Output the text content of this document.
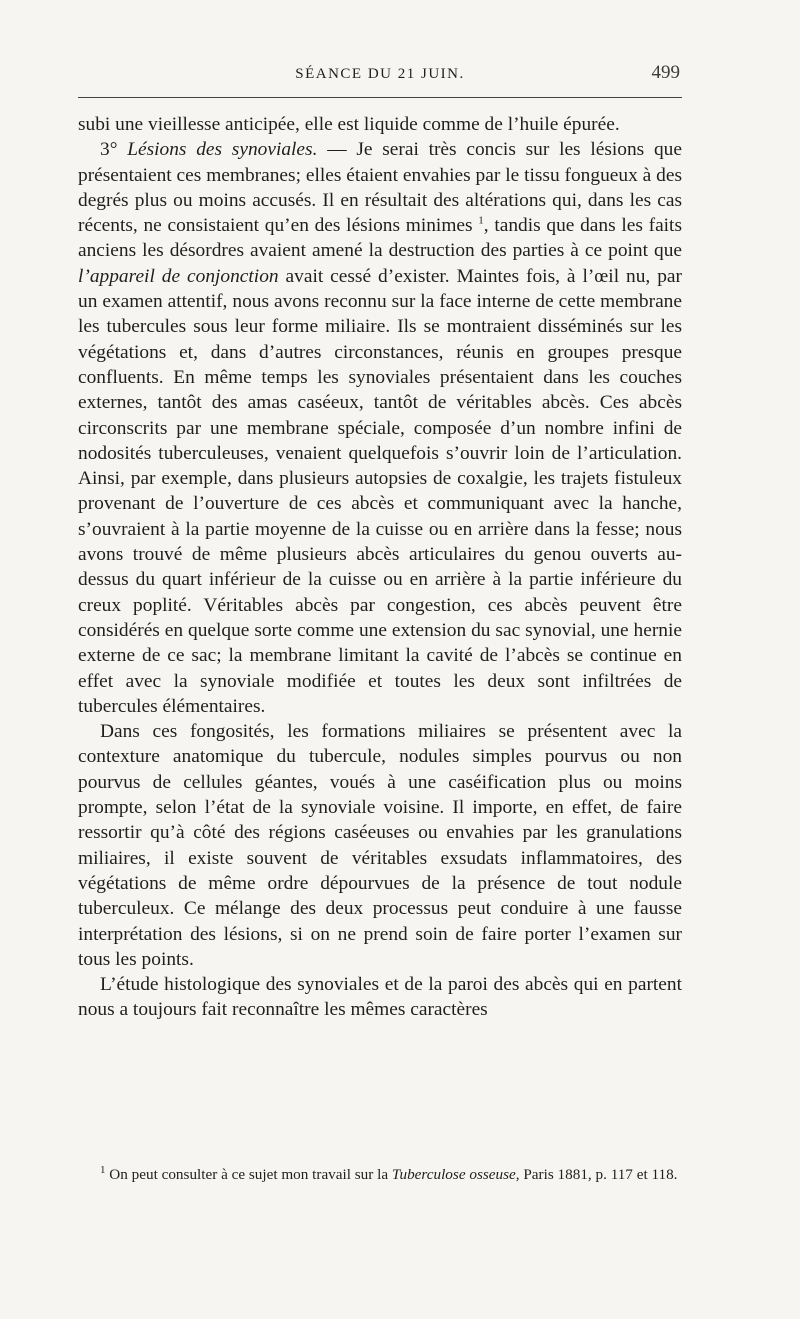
SÉANCE DU 21 JUIN.	499

subi une vieillesse anticipée, elle est liquide comme de l’huile épurée.

3° Lésions des synoviales. — Je serai très concis sur les lésions que présentaient ces membranes; elles étaient envahies par le tissu fongueux à des degrés plus ou moins accusés. Il en résultait des altérations qui, dans les cas récents, ne consistaient qu’en des lésions minimes $^1$, tandis que dans les faits anciens les désordres avaient amené la destruction des parties à ce point que l’appareil de conjonction avait cessé d’exister. Maintes fois, à l’œil nu, par un examen attentif, nous avons reconnu sur la face interne de cette membrane les tubercules sous leur forme miliaire. Ils se montraient disséminés sur les végétations et, dans d’autres circonstances, réunis en groupes presque confluents. En même temps les synoviales présentaient dans les couches externes, tantôt des amas caséeux, tantôt de véritables abcès. Ces abcès circonscrits par une membrane spéciale, composée d’un nombre infini de nodosités tuberculeuses, venaient quelquefois s’ouvrir loin de l’articulation. Ainsi, par exemple, dans plusieurs autopsies de coxalgie, les trajets fistuleux provenant de l’ouverture de ces abcès et communiquant avec la hanche, s’ouvraient à la partie moyenne de la cuisse ou en arrière dans la fesse; nous avons trouvé de même plusieurs abcès articulaires du genou ouverts au-dessus du quart inférieur de la cuisse ou en arrière à la partie inférieure du creux poplité. Véritables abcès par congestion, ces abcès peuvent être considérés en quelque sorte comme une extension du sac synovial, une hernie externe de ce sac; la membrane limitant la cavité de l’abcès se continue en effet avec la synoviale modifiée et toutes les deux sont infiltrées de tubercules élémentaires.

Dans ces fongosités, les formations miliaires se présentent avec la contexture anatomique du tubercule, nodules simples pourvus ou non pourvus de cellules géantes, voués à une caséification plus ou moins prompte, selon l’état de la synoviale voisine. Il importe, en effet, de faire ressortir qu’à côté des régions caséeuses ou envahies par les granulations miliaires, il existe souvent de véritables exsudats inflammatoires, des végétations de même ordre dépourvues de la présence de tout nodule tuberculeux. Ce mélange des deux processus peut conduire à une fausse interprétation des lésions, si on ne prend soin de faire porter l’examen sur tous les points.

L’étude histologique des synoviales et de la paroi des abcès qui en partent nous a toujours fait reconnaître les mêmes caractères

$^1$ On peut consulter à ce sujet mon travail sur la Tuberculose osseuse, Paris 1881, p. 117 et 118.
